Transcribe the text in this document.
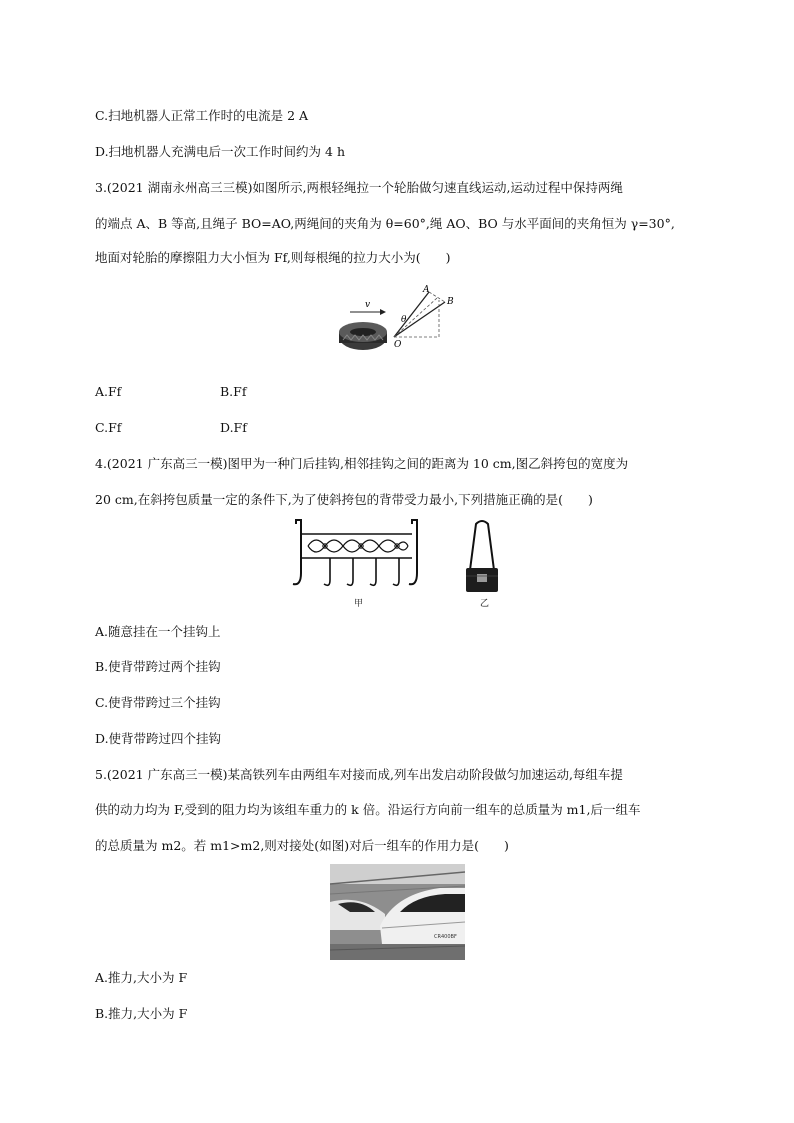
C.扫地机器人正常工作时的电流是 2 A
D.扫地机器人充满电后一次工作时间约为 4 h
3.(2021 湖南永州高三三模)如图所示,两根轻绳拉一个轮胎做匀速直线运动,运动过程中保持两绳
的端点 A、B 等高,且绳子 BO=AO,两绳间的夹角为 θ=60°,绳 AO、BO 与水平面间的夹角恒为 γ=30°,
地面对轮胎的摩擦阻力大小恒为 Ff,则每根绳的拉力大小为(　　)
v
A
B
θ
O
A.Ff	B.Ff
C.Ff	D.Ff
4.(2021 广东高三一模)图甲为一种门后挂钩,相邻挂钩之间的距离为 10 cm,图乙斜挎包的宽度为
20 cm,在斜挎包质量一定的条件下,为了使斜挎包的背带受力最小,下列措施正确的是(　　)
甲	乙
A.随意挂在一个挂钩上
B.使背带跨过两个挂钩
C.使背带跨过三个挂钩
D.使背带跨过四个挂钩
5.(2021 广东高三一模)某高铁列车由两组车对接而成,列车出发启动阶段做匀加速运动,每组车提
供的动力均为 F,受到的阻力均为该组车重力的 k 倍。沿运行方向前一组车的总质量为 m1,后一组车
的总质量为 m2。若 m1>m2,则对接处(如图)对后一组车的作用力是(　　)
CR400BF
A.推力,大小为 F
B.推力,大小为 F
